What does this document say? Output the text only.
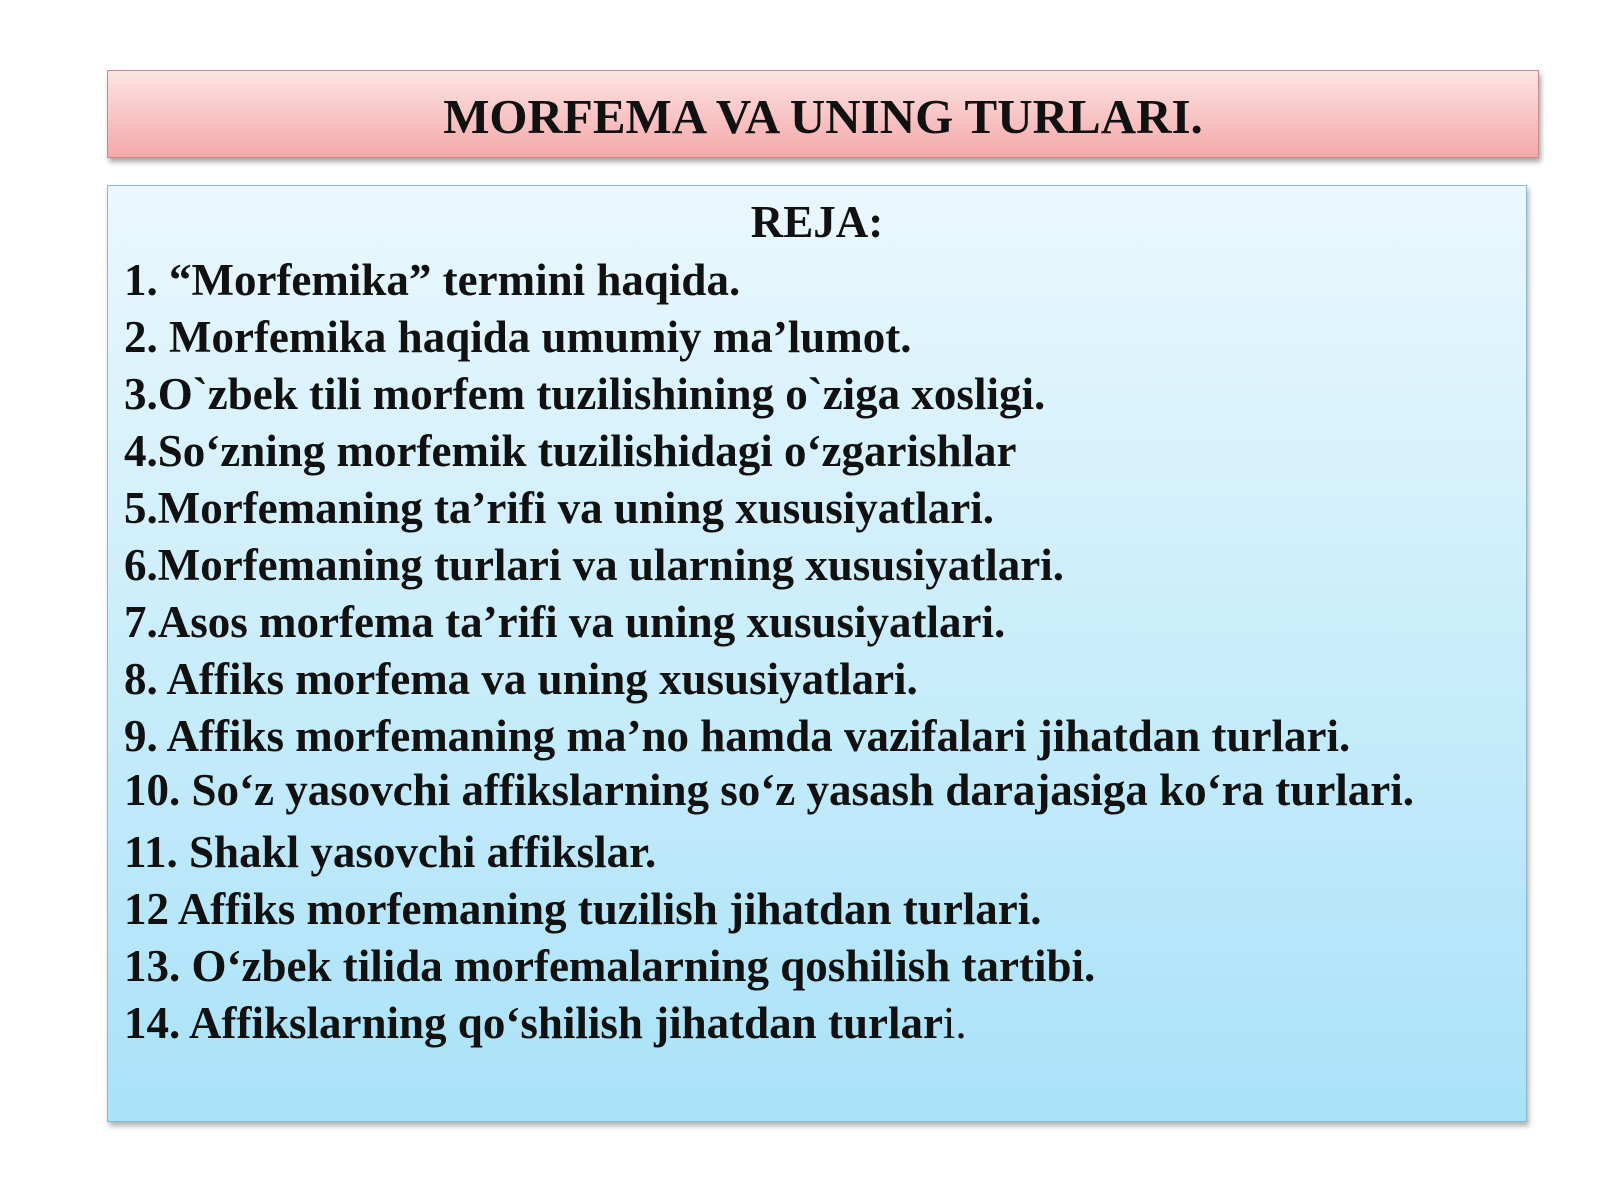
MORFEMA VA UNING TURLARI.
REJA:
1. “Morfemika” termini haqida.
2. Morfemika haqida umumiy ma’lumot.
3.O`zbek tili morfem tuzilishining o`ziga xosligi.
4.So‘zning morfemik tuzilishidagi o‘zgarishlar
5.Morfemaning ta’rifi va uning xususiyatlari.
6.Morfemaning turlari va ularning xususiyatlari.
7.Asos morfema ta’rifi va uning xususiyatlari.
8. Affiks morfema va uning xususiyatlari.
9. Affiks morfemaning ma’no hamda vazifalari jihatdan turlari.
10. So‘z yasovchi affikslarning so‘z yasash darajasiga ko‘ra turlari.
11. Shakl yasovchi affikslar.
12 Affiks morfemaning tuzilish jihatdan turlari.
13. O‘zbek tilida morfemalarning qoshilish tartibi.
14. Affikslarning qo‘shilish jihatdan turlari.
